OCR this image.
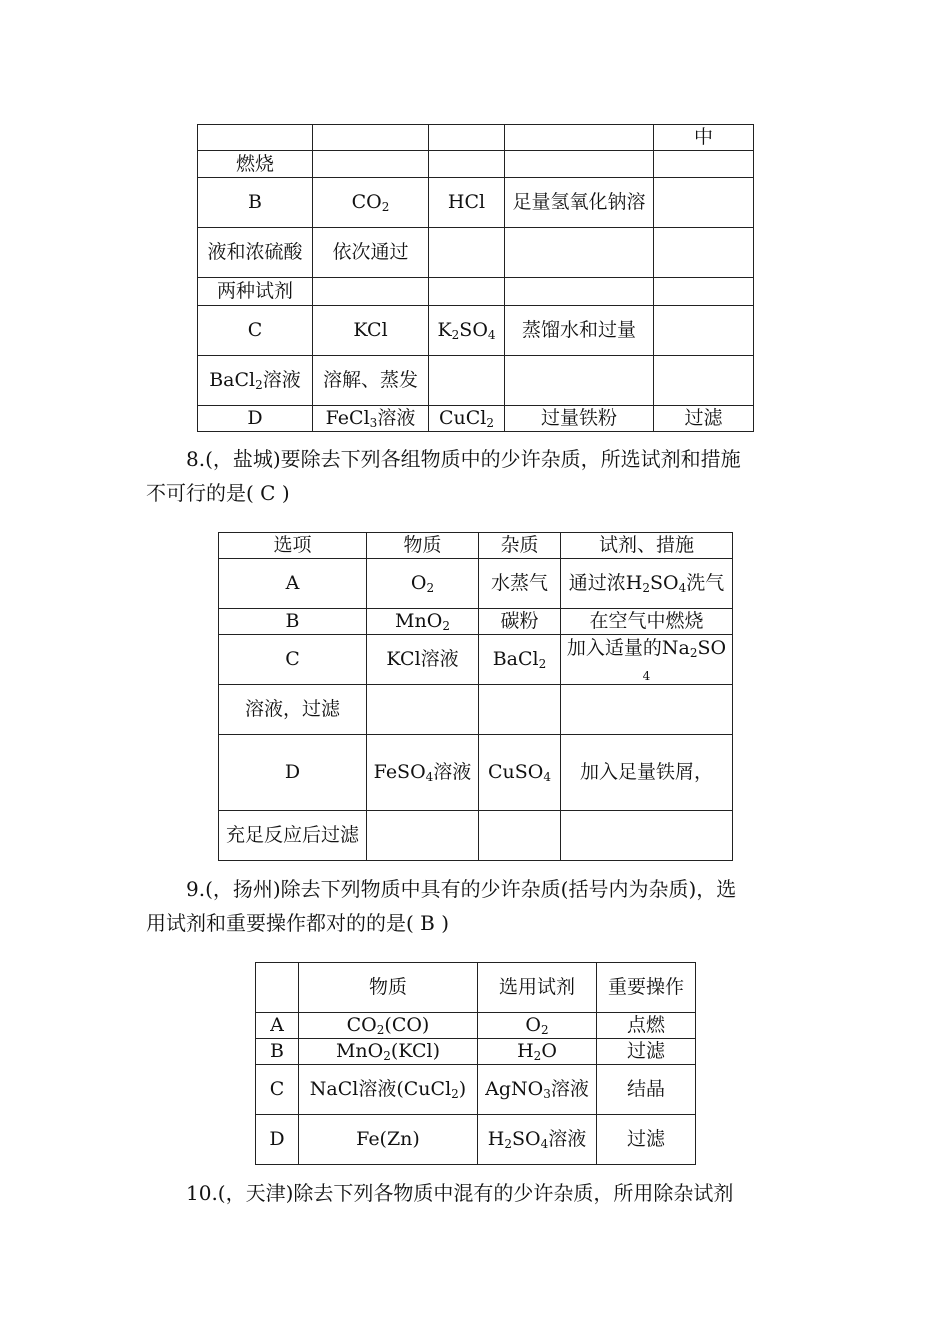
				中
燃烧				
B	$CO_2$	HCl	足量氢氧化钠溶	
液和浓硫酸	依次通过			
两种试剂				
C	KCl	$K_2SO_4$	蒸馏水和过量	
BaCl$_2$溶液	溶解、蒸发			
D	FeCl$_3$溶液	CuCl$_2$	过量铁粉	过滤

8.(，盐城)要除去下列各组物质中的少许杂质，所选试剂和措施
不可行的是( C )

选项	物质	杂质	试剂、措施
A	$O_2$	水蒸气	通过浓$H_2SO_4$洗气
B	MnO$_2$	碳粉	在空气中燃烧
C	KCl溶液	BaCl$_2$	加入适量的$Na_2SO_4$
溶液，过滤			
D	FeSO$_4$溶液	CuSO$_4$	加入足量铁屑，
充足反应后过滤			

9.(，扬州)除去下列物质中具有的少许杂质(括号内为杂质)，选
用试剂和重要操作都对的的是( B )

	物质	选用试剂	重要操作
A	$CO_2(CO)$	$O_2$	点燃
B	MnO$_2$(KCl)	$H_2O$	过滤
C	NaCl溶液(CuCl$_2$)	AgNO$_3$溶液	结晶
D	Fe(Zn)	$H_2SO_4$溶液	过滤

10.(，天津)除去下列各物质中混有的少许杂质，所用除杂试剂
